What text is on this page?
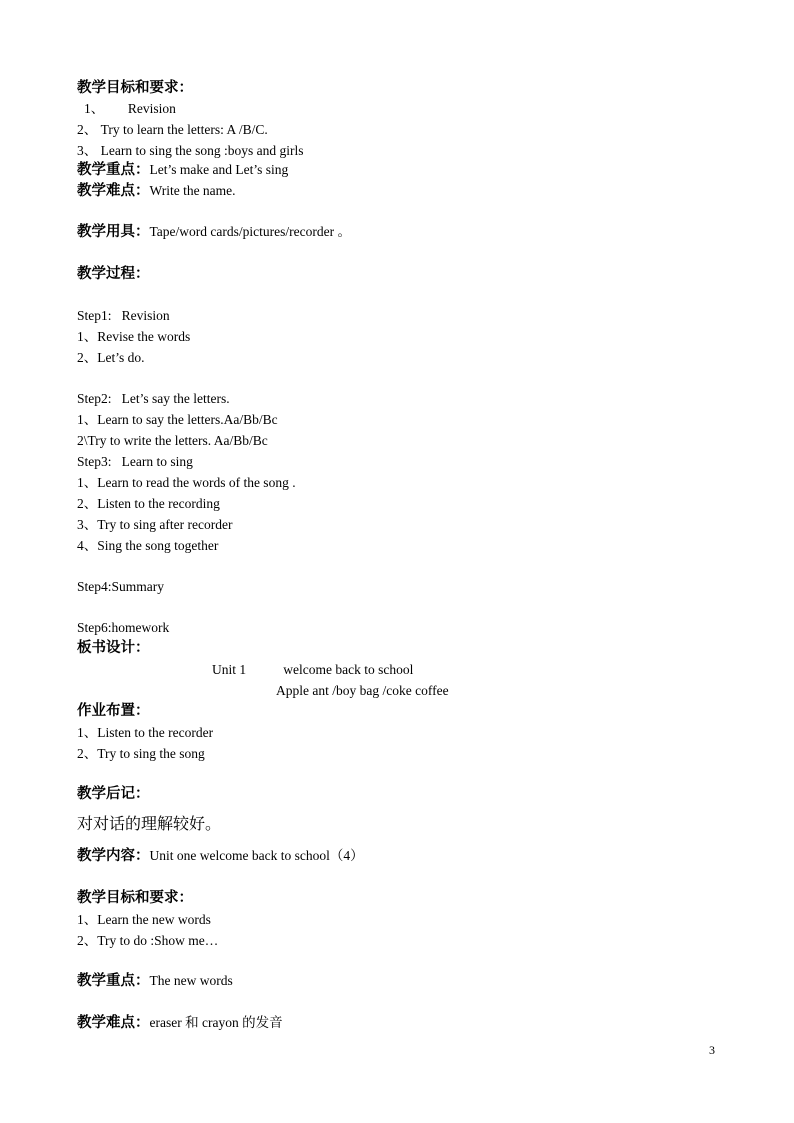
教学目标和要求：
1、       Revision
2、 Try to learn the letters: A /B/C.
3、 Learn to sing the song :boys and girls
教学重点：Let’s make and Let’s sing
教学难点：Write the name.
教学用具：Tape/word cards/pictures/recorder 。
教学过程：
Step1:   Revision
1、Revise the words
2、Let’s do.
Step2:   Let’s say the letters.
1、Learn to say the letters.Aa/Bb/Bc
2\Try to write the letters. Aa/Bb/Bc
Step3:   Learn to sing
1、Learn to read the words of the song .
2、Listen to the recording
3、Try to sing after recorder
4、Sing the song together
Step4:Summary
Step6:homework
板书设计：
Unit 1           welcome back to school
Apple ant /boy bag /coke coffee
作业布置：
1、Listen to the recorder
2、Try to sing the song
教学后记：
对对话的理解较好。
教学内容：Unit one welcome back to school（4）
教学目标和要求：
1、Learn the new words
2、Try to do :Show me…
教学重点：The new words
教学难点：eraser 和 crayon 的发音
3
